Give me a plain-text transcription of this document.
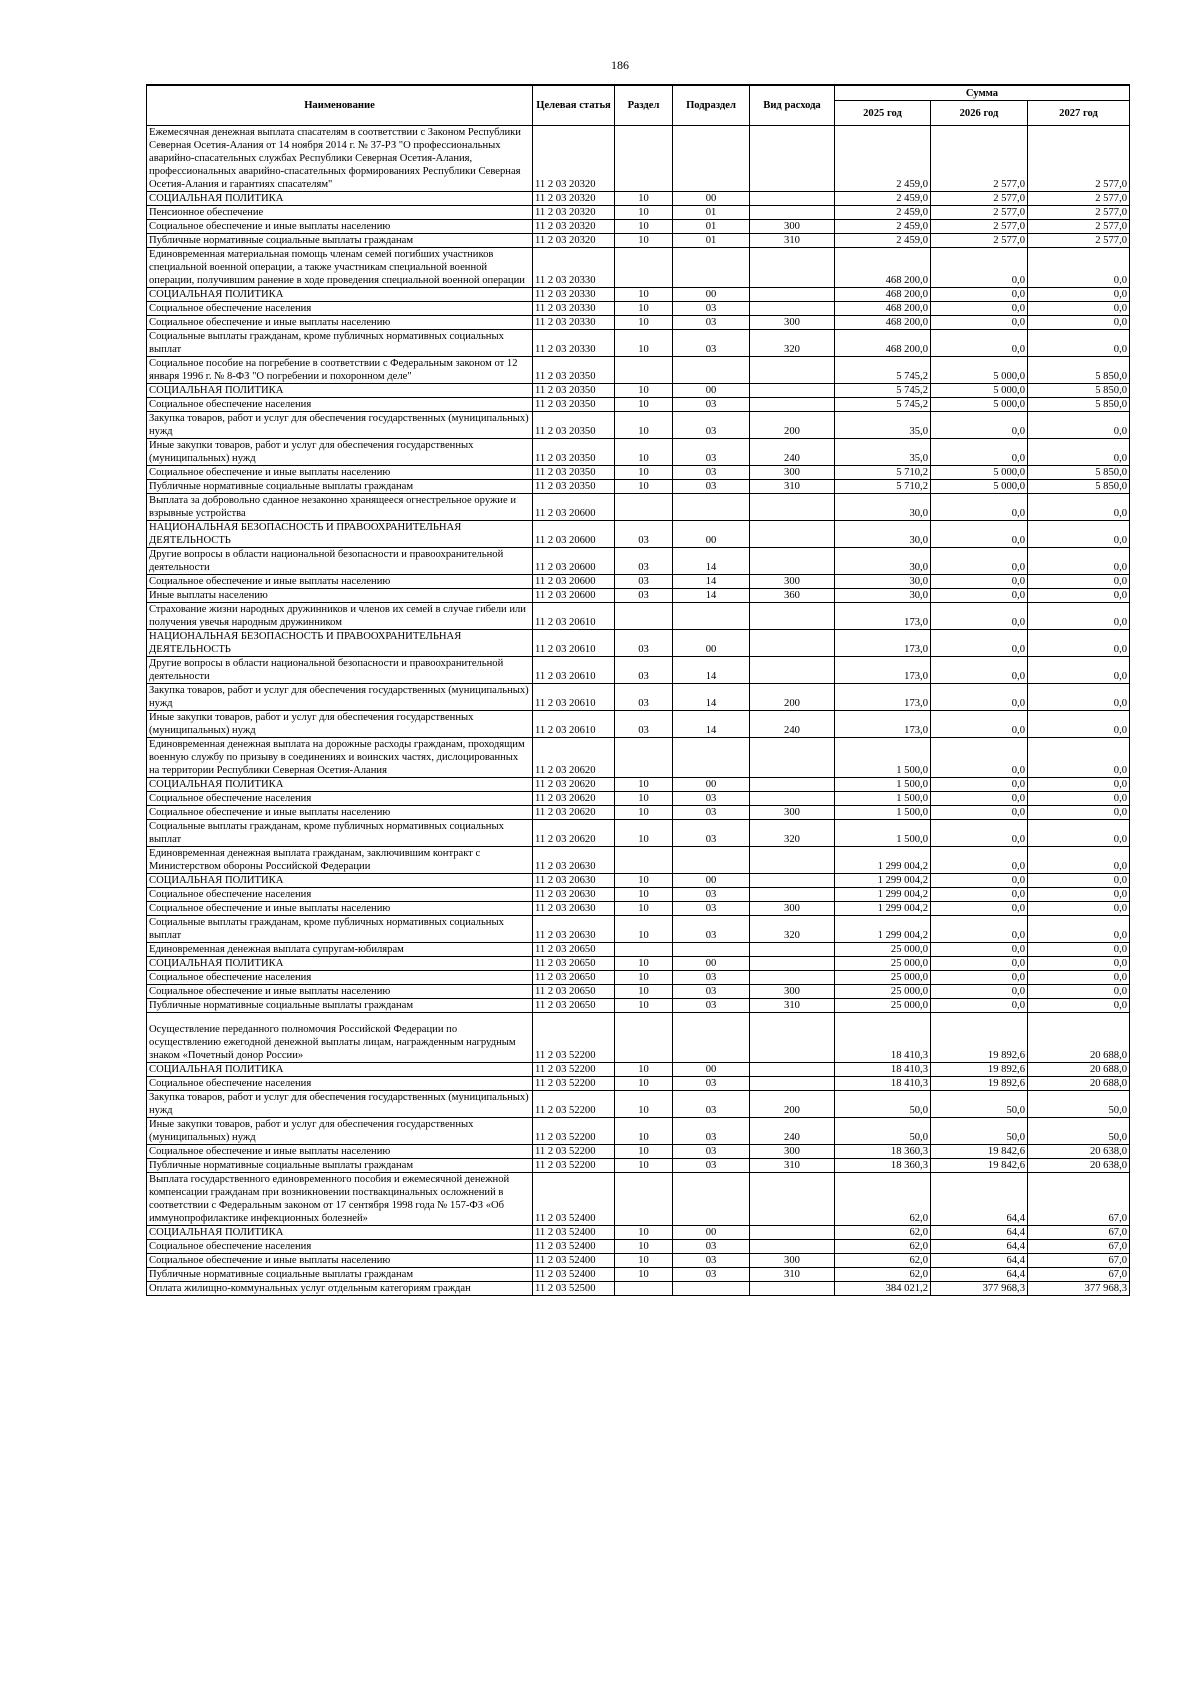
186
Наименование	Целевая статья	Раздел	Подраздел	Вид расхода	Сумма		
					2025 год	2026 год	2027 год
Ежемесячная денежная выплата спасателям в соответствии с Законом Республики Северная Осетия-Алания от 14 ноября 2014 г. № 37-РЗ "О профессиональных аварийно-спасательных службах Республики Северная Осетия-Алания, профессиональных аварийно-спасательных формированиях Республики Северная Осетия-Алания и гарантиях спасателям"	11 2 03 20320				2 459,0	2 577,0	2 577,0
СОЦИАЛЬНАЯ ПОЛИТИКА	11 2 03 20320	10	00		2 459,0	2 577,0	2 577,0
Пенсионное обеспечение	11 2 03 20320	10	01		2 459,0	2 577,0	2 577,0
Социальное обеспечение и иные выплаты населению	11 2 03 20320	10	01	300	2 459,0	2 577,0	2 577,0
Публичные нормативные социальные выплаты гражданам	11 2 03 20320	10	01	310	2 459,0	2 577,0	2 577,0
Единовременная материальная помощь членам семей погибших участников специальной военной операции, а также участникам специальной военной операции, получившим ранение в ходе проведения специальной военной операции	11 2 03 20330				468 200,0	0,0	0,0
СОЦИАЛЬНАЯ ПОЛИТИКА	11 2 03 20330	10	00		468 200,0	0,0	0,0
Социальное обеспечение населения	11 2 03 20330	10	03		468 200,0	0,0	0,0
Социальное обеспечение и иные выплаты населению	11 2 03 20330	10	03	300	468 200,0	0,0	0,0
Социальные выплаты гражданам, кроме публичных нормативных социальных выплат	11 2 03 20330	10	03	320	468 200,0	0,0	0,0
Социальное пособие на погребение в соответствии с Федеральным законом от 12 января 1996 г. № 8-ФЗ "О погребении и похоронном деле"	11 2 03 20350				5 745,2	5 000,0	5 850,0
СОЦИАЛЬНАЯ ПОЛИТИКА	11 2 03 20350	10	00		5 745,2	5 000,0	5 850,0
Социальное обеспечение населения	11 2 03 20350	10	03		5 745,2	5 000,0	5 850,0
Закупка товаров, работ и услуг для обеспечения государственных (муниципальных) нужд	11 2 03 20350	10	03	200	35,0	0,0	0,0
Иные закупки товаров, работ и услуг для обеспечения государственных (муниципальных) нужд	11 2 03 20350	10	03	240	35,0	0,0	0,0
Социальное обеспечение и иные выплаты населению	11 2 03 20350	10	03	300	5 710,2	5 000,0	5 850,0
Публичные нормативные социальные выплаты гражданам	11 2 03 20350	10	03	310	5 710,2	5 000,0	5 850,0
Выплата за добровольно сданное незаконно хранящееся огнестрельное оружие и взрывные устройства	11 2 03 20600				30,0	0,0	0,0
НАЦИОНАЛЬНАЯ БЕЗОПАСНОСТЬ И ПРАВООХРАНИТЕЛЬНАЯ ДЕЯТЕЛЬНОСТЬ	11 2 03 20600	03	00		30,0	0,0	0,0
Другие вопросы в области национальной безопасности и правоохранительной деятельности	11 2 03 20600	03	14		30,0	0,0	0,0
Социальное обеспечение и иные выплаты населению	11 2 03 20600	03	14	300	30,0	0,0	0,0
Иные выплаты населению	11 2 03 20600	03	14	360	30,0	0,0	0,0
Страхование жизни народных дружинников и членов их семей в случае гибели или получения увечья народным дружинником	11 2 03 20610				173,0	0,0	0,0
НАЦИОНАЛЬНАЯ БЕЗОПАСНОСТЬ И ПРАВООХРАНИТЕЛЬНАЯ ДЕЯТЕЛЬНОСТЬ	11 2 03 20610	03	00		173,0	0,0	0,0
Другие вопросы в области национальной безопасности и правоохранительной деятельности	11 2 03 20610	03	14		173,0	0,0	0,0
Закупка товаров, работ и услуг для обеспечения государственных (муниципальных) нужд	11 2 03 20610	03	14	200	173,0	0,0	0,0
Иные закупки товаров, работ и услуг для обеспечения государственных (муниципальных) нужд	11 2 03 20610	03	14	240	173,0	0,0	0,0
Единовременная денежная выплата на дорожные расходы гражданам, проходящим военную службу по призыву в соединениях и воинских частях, дислоцированных на территории Республики Северная Осетия-Алания	11 2 03 20620				1 500,0	0,0	0,0
СОЦИАЛЬНАЯ ПОЛИТИКА	11 2 03 20620	10	00		1 500,0	0,0	0,0
Социальное обеспечение населения	11 2 03 20620	10	03		1 500,0	0,0	0,0
Социальное обеспечение и иные выплаты населению	11 2 03 20620	10	03	300	1 500,0	0,0	0,0
Социальные выплаты гражданам, кроме публичных нормативных социальных выплат	11 2 03 20620	10	03	320	1 500,0	0,0	0,0
Единовременная денежная выплата гражданам, заключившим контракт с Министерством обороны Российской Федерации	11 2 03 20630				1 299 004,2	0,0	0,0
СОЦИАЛЬНАЯ ПОЛИТИКА	11 2 03 20630	10	00		1 299 004,2	0,0	0,0
Социальное обеспечение населения	11 2 03 20630	10	03		1 299 004,2	0,0	0,0
Социальное обеспечение и иные выплаты населению	11 2 03 20630	10	03	300	1 299 004,2	0,0	0,0
Социальные выплаты гражданам, кроме публичных нормативных социальных выплат	11 2 03 20630	10	03	320	1 299 004,2	0,0	0,0
Единовременная денежная выплата супругам-юбилярам	11 2 03 20650				25 000,0	0,0	0,0
СОЦИАЛЬНАЯ ПОЛИТИКА	11 2 03 20650	10	00		25 000,0	0,0	0,0
Социальное обеспечение населения	11 2 03 20650	10	03		25 000,0	0,0	0,0
Социальное обеспечение и иные выплаты населению	11 2 03 20650	10	03	300	25 000,0	0,0	0,0
Публичные нормативные социальные выплаты гражданам	11 2 03 20650	10	03	310	25 000,0	0,0	0,0
Осуществление переданного полномочия Российской Федерации по осуществлению ежегодной денежной выплаты лицам, награжденным нагрудным знаком «Почетный донор России»	11 2 03 52200				18 410,3	19 892,6	20 688,0
СОЦИАЛЬНАЯ ПОЛИТИКА	11 2 03 52200	10	00		18 410,3	19 892,6	20 688,0
Социальное обеспечение населения	11 2 03 52200	10	03		18 410,3	19 892,6	20 688,0
Закупка товаров, работ и услуг для обеспечения государственных (муниципальных) нужд	11 2 03 52200	10	03	200	50,0	50,0	50,0
Иные закупки товаров, работ и услуг для обеспечения государственных (муниципальных) нужд	11 2 03 52200	10	03	240	50,0	50,0	50,0
Социальное обеспечение и иные выплаты населению	11 2 03 52200	10	03	300	18 360,3	19 842,6	20 638,0
Публичные нормативные социальные выплаты гражданам	11 2 03 52200	10	03	310	18 360,3	19 842,6	20 638,0
Выплата государственного единовременного пособия и ежемесячной денежной компенсации гражданам при возникновении поствакцинальных осложнений в соответствии с Федеральным законом от 17 сентября 1998 года № 157-ФЗ «Об иммунопрофилактике инфекционных болезней»	11 2 03 52400				62,0	64,4	67,0
СОЦИАЛЬНАЯ ПОЛИТИКА	11 2 03 52400	10	00		62,0	64,4	67,0
Социальное обеспечение населения	11 2 03 52400	10	03		62,0	64,4	67,0
Социальное обеспечение и иные выплаты населению	11 2 03 52400	10	03	300	62,0	64,4	67,0
Публичные нормативные социальные выплаты гражданам	11 2 03 52400	10	03	310	62,0	64,4	67,0
Оплата жилищно-коммунальных услуг отдельным категориям граждан	11 2 03 52500				384 021,2	377 968,3	377 968,3
